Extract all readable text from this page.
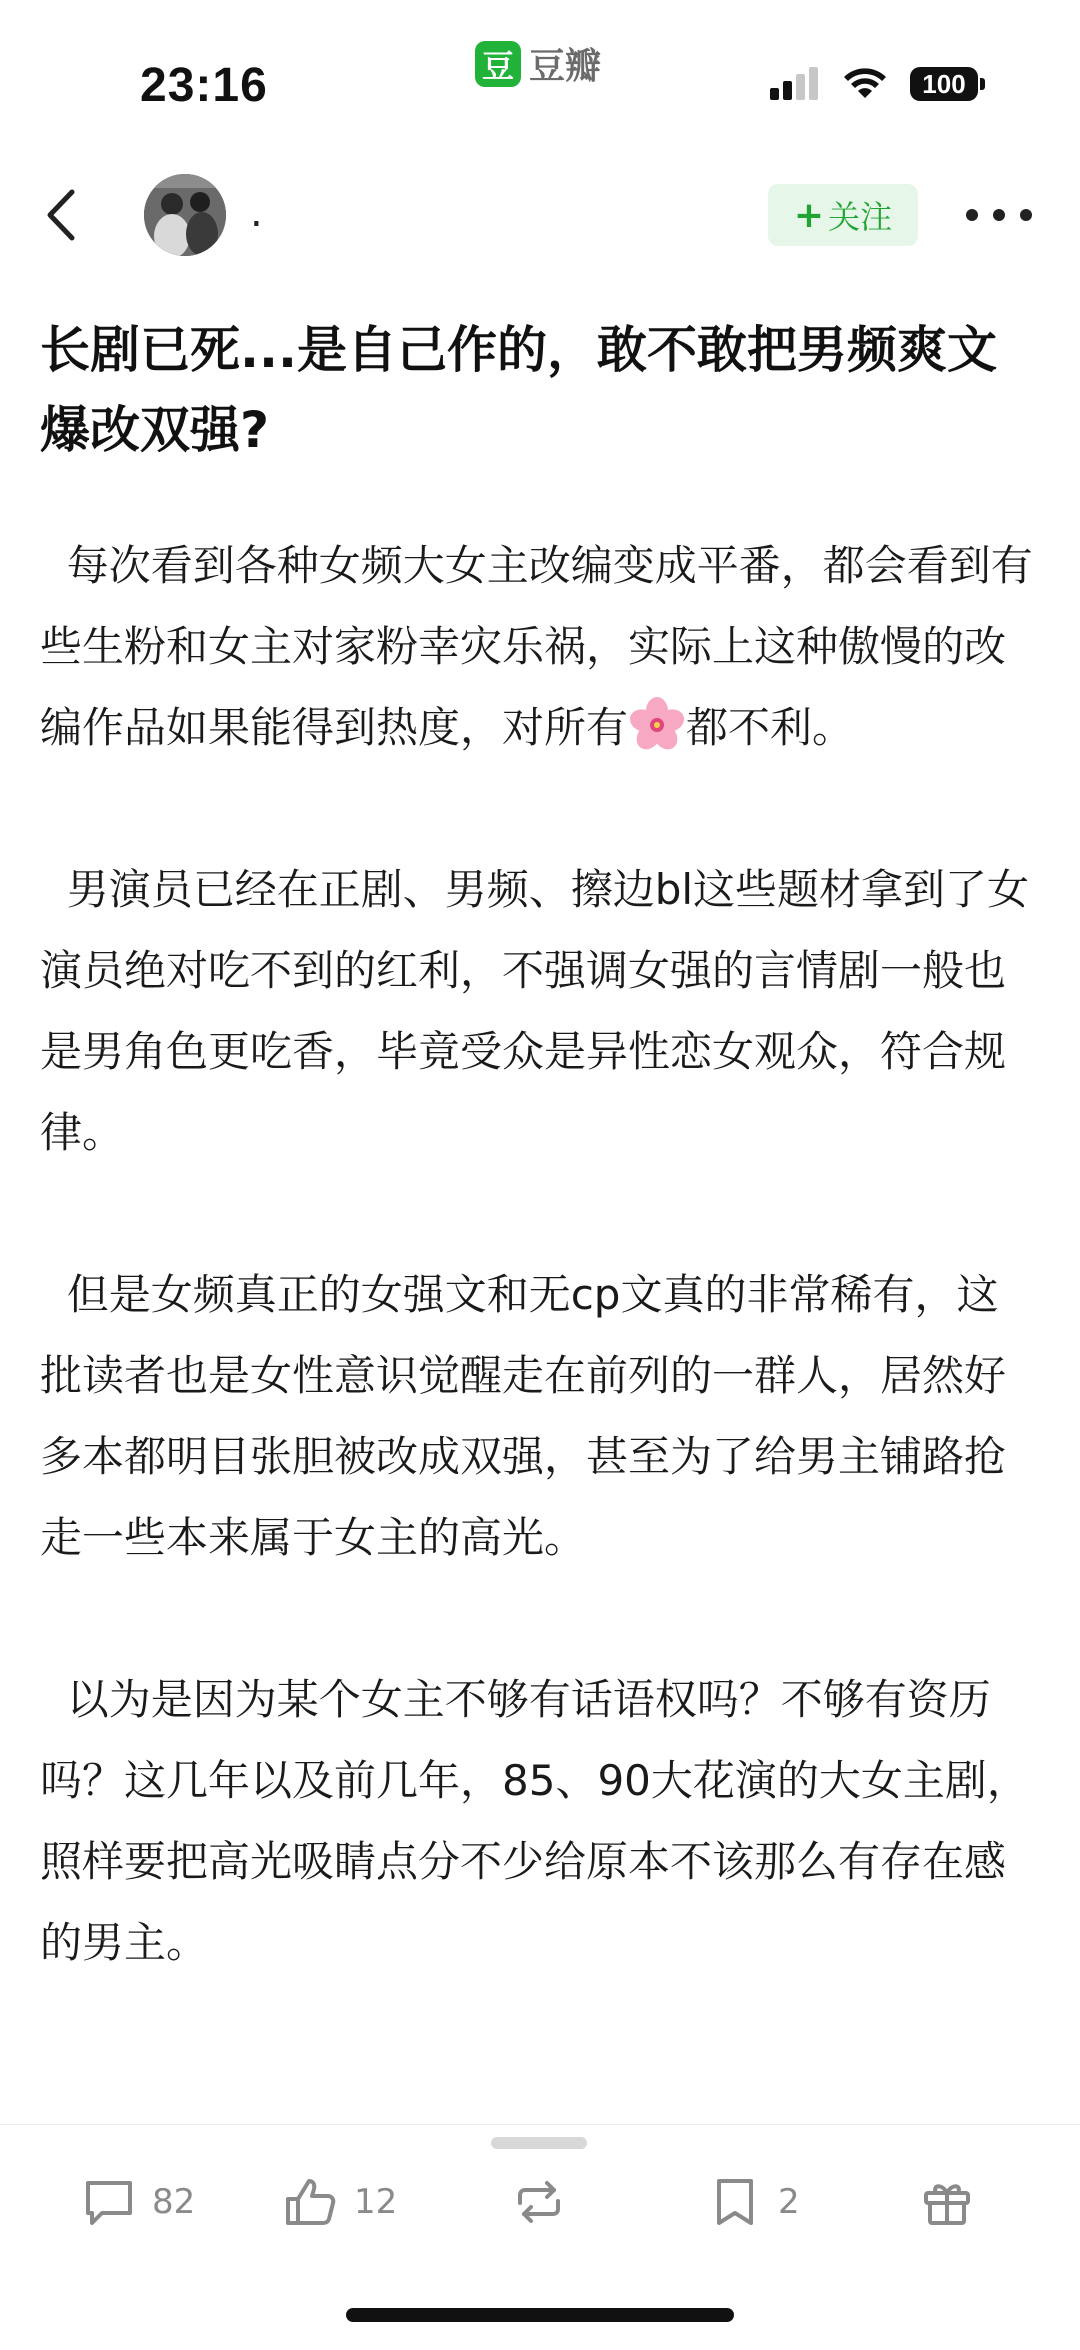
23:16	豆 豆瓣	100
.	+ 关注
长剧已死...是自己作的，敢不敢把男频爽文爆改双强?

每次看到各种女频大女主改编变成平番，都会看到有些生粉和女主对家粉幸灾乐祸，实际上这种傲慢的改编作品如果能得到热度，对所有 都不利。

男演员已经在正剧、男频、擦边bl这些题材拿到了女演员绝对吃不到的红利，不强调女强的言情剧一般也是男角色更吃香，毕竟受众是异性恋女观众，符合规律。

但是女频真正的女强文和无cp文真的非常稀有，这批读者也是女性意识觉醒走在前列的一群人，居然好多本都明目张胆被改成双强，甚至为了给男主铺路抢走一些本来属于女主的高光。

以为是因为某个女主不够有话语权吗？不够有资历吗？这几年以及前几年，85、90大花演的大女主剧，照样要把高光吸睛点分不少给原本不该那么有存在感的男主。

82	12	2
